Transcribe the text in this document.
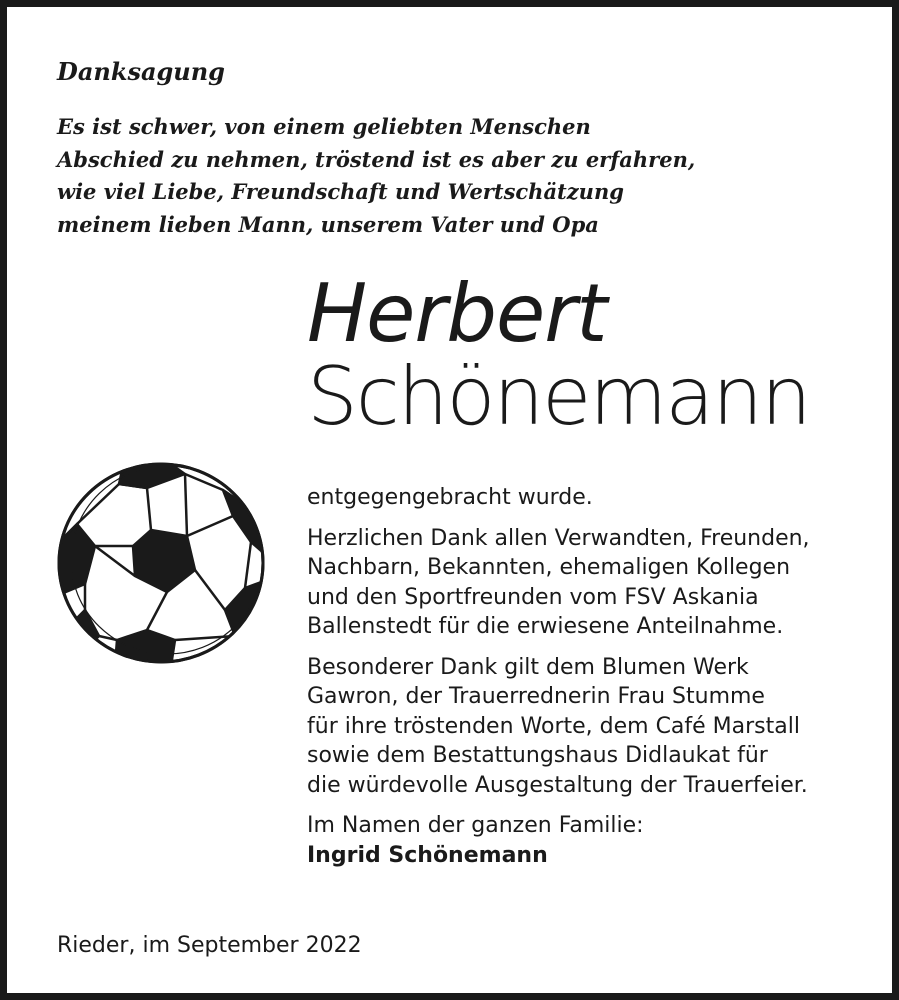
Danksagung
Es ist schwer, von einem geliebten Menschen
Abschied zu nehmen, tröstend ist es aber zu erfahren,
wie viel Liebe, Freundschaft und Wertschätzung
meinem lieben Mann, unserem Vater und Opa
Herbert
Schönemann

entgegengebracht wurde.

Herzlichen Dank allen Verwandten, Freunden,
Nachbarn, Bekannten, ehemaligen Kollegen
und den Sportfreunden vom FSV Askania
Ballenstedt für die erwiesene Anteilnahme.

Besonderer Dank gilt dem Blumen Werk
Gawron, der Trauerrednerin Frau Stumme
für ihre tröstenden Worte, dem Café Marstall
sowie dem Bestattungshaus Didlaukat für
die würdevolle Ausgestaltung der Trauerfeier.

Im Namen der ganzen Familie:
Ingrid Schönemann

Rieder, im September 2022
